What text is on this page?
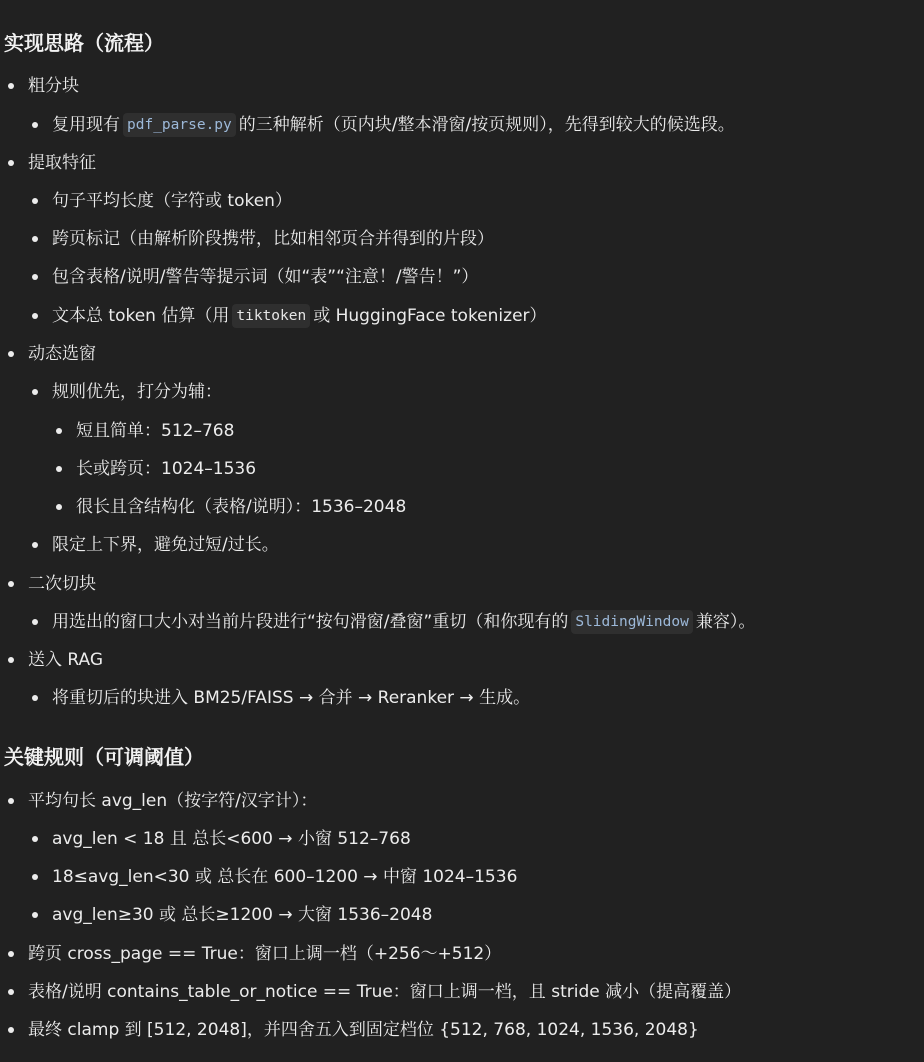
实现思路（流程）
粗分块
复用现有 pdf_parse.py 的三种解析（页内块/整本滑窗/按页规则），先得到较大的候选段。
提取特征
句子平均长度（字符或 token）
跨页标记（由解析阶段携带，比如相邻页合并得到的片段）
包含表格/说明/警告等提示词（如“表”“注意！/警告！”）
文本总 token 估算（用 tiktoken 或 HuggingFace tokenizer）
动态选窗
规则优先，打分为辅：
短且简单：512–768
长或跨页：1024–1536
很长且含结构化（表格/说明）：1536–2048
限定上下界，避免过短/过长。
二次切块
用选出的窗口大小对当前片段进行“按句滑窗/叠窗”重切（和你现有的 SlidingWindow 兼容）。
送入 RAG
将重切后的块进入 BM25/FAISS → 合并 → Reranker → 生成。
关键规则（可调阈值）
平均句长 avg_len（按字符/汉字计）：
avg_len < 18 且 总长<600 → 小窗 512–768
18≤avg_len<30 或 总长在 600–1200 → 中窗 1024–1536
avg_len≥30 或 总长≥1200 → 大窗 1536–2048
跨页 cross_page == True：窗口上调一档（+256～+512）
表格/说明 contains_table_or_notice == True：窗口上调一档，且 stride 减小（提高覆盖）
最终 clamp 到 [512, 2048]，并四舍五入到固定档位 {512, 768, 1024, 1536, 2048}
